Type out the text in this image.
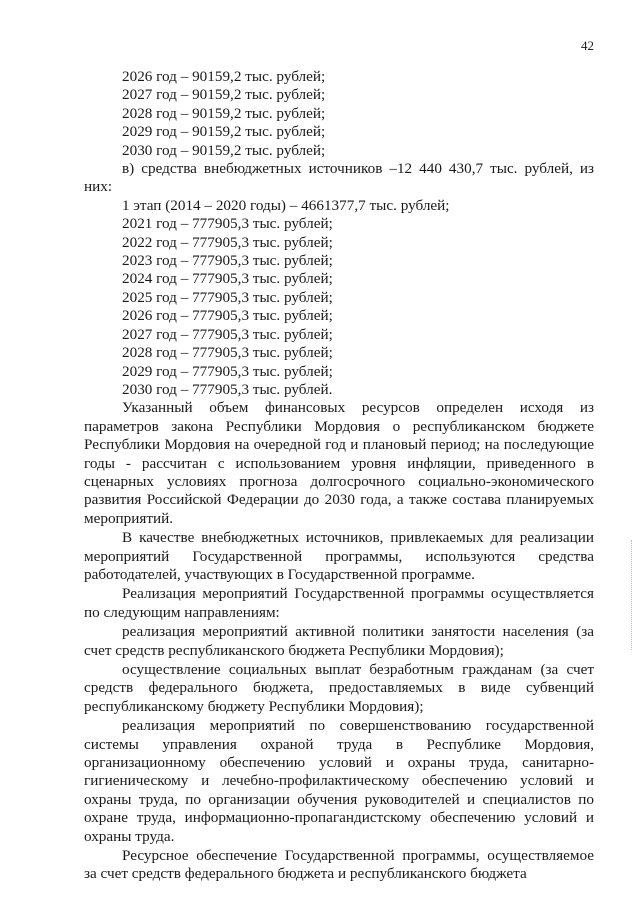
42
2026 год – 90159,2 тыс. рублей;
2027 год – 90159,2 тыс. рублей;
2028 год – 90159,2 тыс. рублей;
2029 год – 90159,2 тыс. рублей;
2030 год – 90159,2 тыс. рублей;

в) средства внебюджетных источников –12 440 430,7 тыс. рублей, из них:

1 этап (2014 – 2020 годы) – 4661377,7 тыс. рублей;
2021 год – 777905,3 тыс. рублей;
2022 год – 777905,3 тыс. рублей;
2023 год – 777905,3 тыс. рублей;
2024 год – 777905,3 тыс. рублей;
2025 год – 777905,3 тыс. рублей;
2026 год – 777905,3 тыс. рублей;
2027 год – 777905,3 тыс. рублей;
2028 год – 777905,3 тыс. рублей;
2029 год – 777905,3 тыс. рублей;
2030 год – 777905,3 тыс. рублей.

Указанный объем финансовых ресурсов определен исходя из параметров закона Республики Мордовия о республиканском бюджете Республики Мордовия на очередной год и плановый период; на последующие годы - рассчитан с использованием уровня инфляции, приведенного в сценарных условиях прогноза долгосрочного социально-экономического развития Российской Федерации до 2030 года, а также состава планируемых мероприятий.

В качестве внебюджетных источников, привлекаемых для реализации мероприятий Государственной программы, используются средства работодателей, участвующих в Государственной программе.

Реализация мероприятий Государственной программы осуществляется по следующим направлениям:

реализация мероприятий активной политики занятости населения (за счет средств республиканского бюджета Республики Мордовия);

осуществление социальных выплат безработным гражданам (за счет средств федерального бюджета, предоставляемых в виде субвенций республиканскому бюджету Республики Мордовия);

реализация мероприятий по совершенствованию государственной системы управления охраной труда в Республике Мордовия, организационному обеспечению условий и охраны труда, санитарно-гигиеническому и лечебно-профилактическому обеспечению условий и охраны труда, по организации обучения руководителей и специалистов по охране труда, информационно-пропагандистскому обеспечению условий и охраны труда.

Ресурсное обеспечение Государственной программы, осуществляемое за счет средств федерального бюджета и республиканского бюджета
